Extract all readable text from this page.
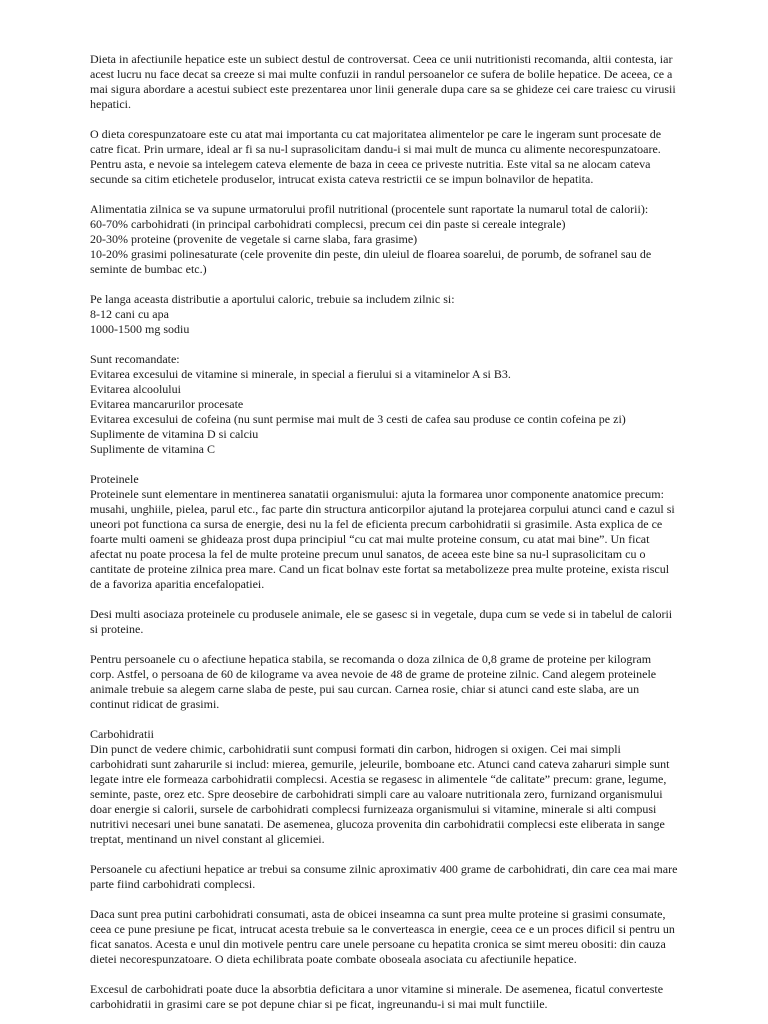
Dieta in afectiunile hepatice este un subiect destul de controversat. Ceea ce unii nutritionisti recomanda, altii contesta, iar
acest lucru nu face decat sa creeze si mai multe confuzii in randul persoanelor ce sufera de bolile hepatice. De aceea, ce a
mai sigura abordare a acestui subiect este prezentarea unor linii generale dupa care sa se ghideze cei care traiesc cu virusii
hepatici.
O dieta corespunzatoare este cu atat mai importanta cu cat majoritatea alimentelor pe care le ingeram sunt procesate de
catre ficat. Prin urmare, ideal ar fi sa nu-l suprasolicitam dandu-i si mai mult de munca cu alimente necorespunzatoare.
Pentru asta, e nevoie sa intelegem cateva elemente de baza in ceea ce priveste nutritia. Este vital sa ne alocam cateva
secunde sa citim etichetele produselor, intrucat exista cateva restrictii ce se impun bolnavilor de hepatita.
Alimentatia zilnica se va supune urmatorului profil nutritional (procentele sunt raportate la numarul total de calorii):
60-70% carbohidrati (in principal carbohidrati complecsi, precum cei din paste si cereale integrale)
20-30% proteine (provenite de vegetale si carne slaba, fara grasime)
10-20% grasimi polinesaturate (cele provenite din peste, din uleiul de floarea soarelui, de porumb, de sofranel sau de
seminte de bumbac etc.)
Pe langa aceasta distributie a aportului caloric, trebuie sa includem zilnic si:
8-12 cani cu apa
1000-1500 mg sodiu
Sunt recomandate:
Evitarea excesului de vitamine si minerale, in special a fierului si a vitaminelor A si B3.
Evitarea alcoolului
Evitarea mancarurilor procesate
Evitarea excesului de cofeina (nu sunt permise mai mult de 3 cesti de cafea sau produse ce contin cofeina pe zi)
Suplimente de vitamina D si calciu
Suplimente de vitamina C
Proteinele
Proteinele sunt elementare in mentinerea sanatatii organismului: ajuta la formarea unor componente anatomice precum:
musahi, unghiile, pielea, parul etc., fac parte din structura anticorpilor ajutand la protejarea corpului atunci cand e cazul si
uneori pot functiona ca sursa de energie, desi nu la fel de eficienta precum carbohidratii si grasimile. Asta explica de ce
foarte multi oameni se ghideaza prost dupa principiul “cu cat mai multe proteine consum, cu atat mai bine”. Un ficat
afectat nu poate procesa la fel de multe proteine precum unul sanatos, de aceea este bine sa nu-l suprasolicitam cu o
cantitate de proteine zilnica prea mare. Cand un ficat bolnav este fortat sa metabolizeze prea multe proteine, exista riscul
de a favoriza aparitia encefalopatiei.
Desi multi asociaza proteinele cu produsele animale, ele se gasesc si in vegetale, dupa cum se vede si in tabelul de calorii
si proteine.
Pentru persoanele cu o afectiune hepatica stabila, se recomanda o doza zilnica de 0,8 grame de proteine per kilogram
corp. Astfel, o persoana de 60 de kilograme va avea nevoie de 48 de grame de proteine zilnic. Cand alegem proteinele
animale trebuie sa alegem carne slaba de peste, pui sau curcan. Carnea rosie, chiar si atunci cand este slaba, are un
continut ridicat de grasimi.
Carbohidratii
Din punct de vedere chimic, carbohidratii sunt compusi formati din carbon, hidrogen si oxigen. Cei mai simpli
carbohidrati sunt zaharurile si includ: mierea, gemurile, jeleurile, bomboane etc. Atunci cand cateva zaharuri simple sunt
legate intre ele formeaza carbohidratii complecsi. Acestia se regasesc in alimentele “de calitate” precum: grane, legume,
seminte, paste, orez etc. Spre deosebire de carbohidrati simpli care au valoare nutritionala zero, furnizand organismului
doar energie si calorii, sursele de carbohidrati complecsi furnizeaza organismului si vitamine, minerale si alti compusi
nutritivi necesari unei bune sanatati. De asemenea, glucoza provenita din carbohidratii complecsi este eliberata in sange
treptat, mentinand un nivel constant al glicemiei.
Persoanele cu afectiuni hepatice ar trebui sa consume zilnic aproximativ 400 grame de carbohidrati, din care cea mai mare
parte fiind carbohidrati complecsi.
Daca sunt prea putini carbohidrati consumati, asta de obicei inseamna ca sunt prea multe proteine si grasimi consumate,
ceea ce pune presiune pe ficat, intrucat acesta trebuie sa le converteasca in energie, ceea ce e un proces dificil si pentru un
ficat sanatos. Acesta e unul din motivele pentru care unele persoane cu hepatita cronica se simt mereu obositi: din cauza
dietei necorespunzatoare. O dieta echilibrata poate combate oboseala asociata cu afectiunile hepatice.
Excesul de carbohidrati poate duce la absorbtia deficitara a unor vitamine si minerale. De asemenea, ficatul converteste
carbohidratii in grasimi care se pot depune chiar si pe ficat, ingreunandu-i si mai mult functiile.
